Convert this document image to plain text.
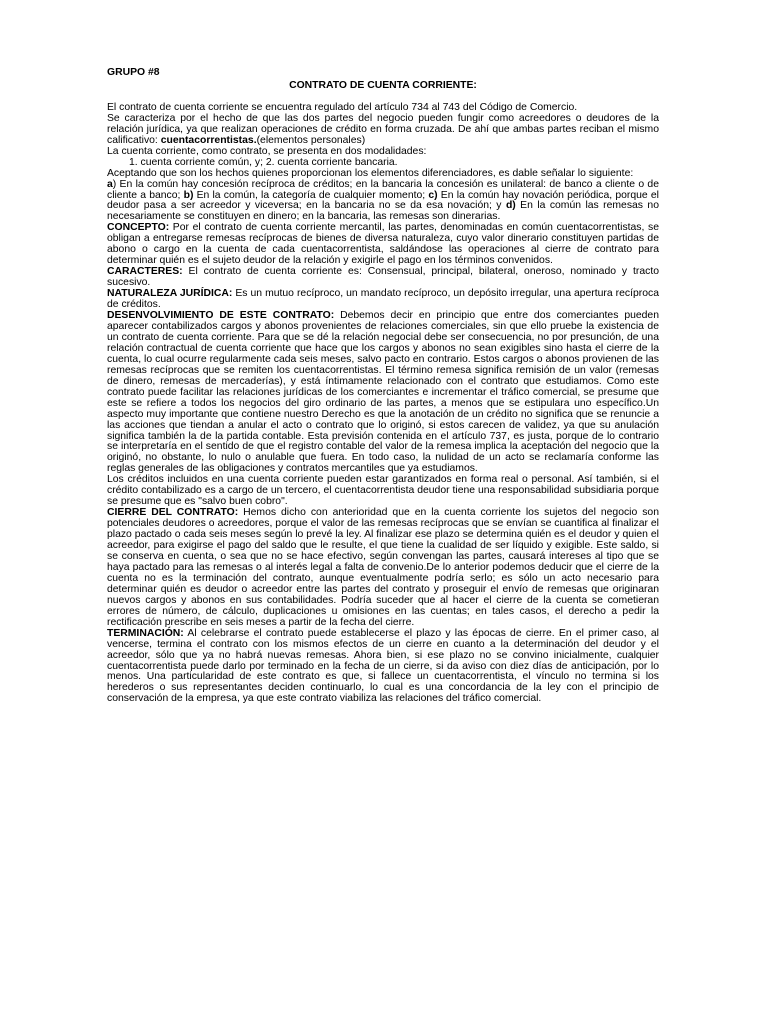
GRUPO #8
CONTRATO DE CUENTA CORRIENTE:

El contrato de cuenta corriente se encuentra regulado del artículo 734 al 743 del Código de Comercio.

Se caracteriza por el hecho de que las dos partes del negocio pueden fungir como acreedores o deudores de la relación jurídica, ya que realizan operaciones de crédito en forma cruzada. De ahí que ambas partes reciban el mismo calificativo: cuentacorrentistas.(elementos personales)

La cuenta corriente, como contrato, se presenta en dos modalidades:

1. cuenta corriente común, y; 2. cuenta corriente bancaria.

Aceptando que son los hechos quienes proporcionan los elementos diferenciadores, es dable señalar lo siguiente:

a) En la común hay concesión recíproca de créditos; en la bancaria la concesión es unilateral: de banco a cliente o de cliente a banco; b) En la común, la categoría de cualquier momento; c) En la común hay novación periódica, porque el deudor pasa a ser acreedor y viceversa; en la bancaria no se da esa novación; y d) En la común las remesas no necesariamente se constituyen en dinero; en la bancaria, las remesas son dinerarias.

CONCEPTO: Por el contrato de cuenta corriente mercantil, las partes, denominadas en común cuentacorrentistas, se obligan a entregarse remesas recíprocas de bienes de diversa naturaleza, cuyo valor dinerario constituyen partidas de abono o cargo en la cuenta de cada cuentacorrentista, saldándose las operaciones al cierre de contrato para determinar quién es el sujeto deudor de la relación y exigirle el pago en los términos convenidos.

CARACTERES: El contrato de cuenta corriente es: Consensual, principal, bilateral, oneroso, nominado y tracto sucesivo.

NATURALEZA JURÍDICA: Es un mutuo recíproco, un mandato recíproco, un depósito irregular, una apertura recíproca de créditos.

DESENVOLVIMIENTO DE ESTE CONTRATO: Debemos decir en principio que entre dos comerciantes pueden aparecer contabilizados cargos y abonos provenientes de relaciones comerciales, sin que ello pruebe la existencia de un contrato de cuenta corriente. Para que se dé la relación negocial debe ser consecuencia, no por presunción, de una relación contractual de cuenta corriente que hace que los cargos y abonos no sean exigibles sino hasta el cierre de la cuenta, lo cual ocurre regularmente cada seis meses, salvo pacto en contrario. Estos cargos o abonos provienen de las remesas recíprocas que se remiten los cuentacorrentistas. El término remesa significa remisión de un valor (remesas de dinero, remesas de mercaderías), y está íntimamente relacionado con el contrato que estudiamos. Como este contrato puede facilitar las relaciones jurídicas de los comerciantes e incrementar el tráfico comercial, se presume que este se refiere a todos los negocios del giro ordinario de las partes, a menos que se estipulara uno específico.Un aspecto muy importante que contiene nuestro Derecho es que la anotación de un crédito no significa que se renuncie a las acciones que tiendan a anular el acto o contrato que lo originó, si estos carecen de validez, ya que su anulación significa también la de la partida contable. Esta previsión contenida en el artículo 737, es justa, porque de lo contrario se interpretaría en el sentido de que el registro contable del valor de la remesa implica la aceptación del negocio que la originó, no obstante, lo nulo o anulable que fuera. En todo caso, la nulidad de un acto se reclamaría conforme las reglas generales de las obligaciones y contratos mercantiles que ya estudiamos.

Los créditos incluidos en una cuenta corriente pueden estar garantizados en forma real o personal. Así también, si el crédito contabilizado es a cargo de un tercero, el cuentacorrentista deudor tiene una responsabilidad subsidiaria porque se presume que es "salvo buen cobro".

CIERRE DEL CONTRATO: Hemos dicho con anterioridad que en la cuenta corriente los sujetos del negocio son potenciales deudores o acreedores, porque el valor de las remesas recíprocas que se envían se cuantifica al finalizar el plazo pactado o cada seis meses según lo prevé la ley. Al finalizar ese plazo se determina quién es el deudor y quien el acreedor, para exigirse el pago del saldo que le resulte, el que tiene la cualidad de ser líquido y exigible. Este saldo, si se conserva en cuenta, o sea que no se hace efectivo, según convengan las partes, causará intereses al tipo que se haya pactado para las remesas o al interés legal a falta de convenio.De lo anterior podemos deducir que el cierre de la cuenta no es la terminación del contrato, aunque eventualmente podría serlo; es sólo un acto necesario para determinar quién es deudor o acreedor entre las partes del contrato y proseguir el envío de remesas que originaran nuevos cargos y abonos en sus contabilidades. Podría suceder que al hacer el cierre de la cuenta se cometieran errores de número, de cálculo, duplicaciones u omisiones en las cuentas; en tales casos, el derecho a pedir la rectificación prescribe en seis meses a partir de la fecha del cierre.

TERMINACIÓN: Al celebrarse el contrato puede establecerse el plazo y las épocas de cierre. En el primer caso, al vencerse, termina el contrato con los mismos efectos de un cierre en cuanto a la determinación del deudor y el acreedor, sólo que ya no habrá nuevas remesas. Ahora bien, si ese plazo no se convino inicialmente, cualquier cuentacorrentista puede darlo por terminado en la fecha de un cierre, si da aviso con diez días de anticipación, por lo menos. Una particularidad de este contrato es que, si fallece un cuentacorrentista, el vínculo no termina si los herederos o sus representantes deciden continuarlo, lo cual es una concordancia de la ley con el principio de conservación de la empresa, ya que este contrato viabiliza las relaciones del tráfico comercial.
